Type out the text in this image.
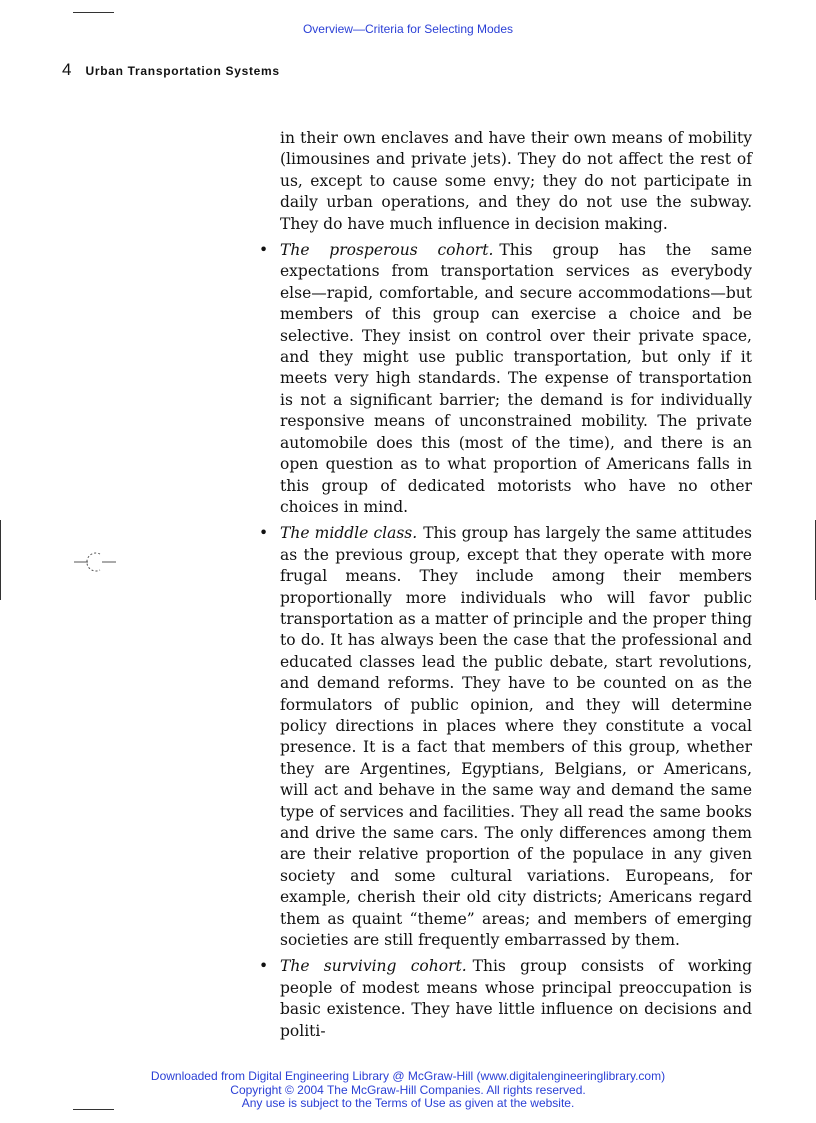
Overview—Criteria for Selecting Modes
4 Urban Transportation Systems

in their own enclaves and have their own means of mobility (limousines and private jets). They do not affect the rest of us, except to cause some envy; they do not participate in daily urban operations, and they do not use the subway. They do have much influence in decision making.

• The prosperous cohort. This group has the same expectations from transportation services as everybody else—rapid, comfortable, and secure accommodations—but members of this group can exercise a choice and be selective. They insist on control over their private space, and they might use public transportation, but only if it meets very high standards. The expense of transportation is not a significant barrier; the demand is for individually responsive means of unconstrained mobility. The private automobile does this (most of the time), and there is an open question as to what proportion of Americans falls in this group of dedicated motorists who have no other choices in mind.
• The middle class. This group has largely the same attitudes as the previous group, except that they operate with more frugal means. They include among their members proportionally more individuals who will favor public transportation as a matter of principle and the proper thing to do. It has always been the case that the professional and educated classes lead the public debate, start revolutions, and demand reforms. They have to be counted on as the formulators of public opinion, and they will determine policy directions in places where they constitute a vocal presence. It is a fact that members of this group, whether they are Argentines, Egyptians, Belgians, or Americans, will act and behave in the same way and demand the same type of services and facilities. They all read the same books and drive the same cars. The only differences among them are their relative proportion of the populace in any given society and some cultural variations. Europeans, for example, cherish their old city districts; Americans regard them as quaint “theme” areas; and members of emerging societies are still frequently embarrassed by them.
• The surviving cohort. This group consists of working people of modest means whose principal preoccupation is basic existence. They have little influence on decisions and politi-
Downloaded from Digital Engineering Library @ McGraw-Hill (www.digitalengineeringlibrary.com)
Copyright © 2004 The McGraw-Hill Companies. All rights reserved.
Any use is subject to the Terms of Use as given at the website.
